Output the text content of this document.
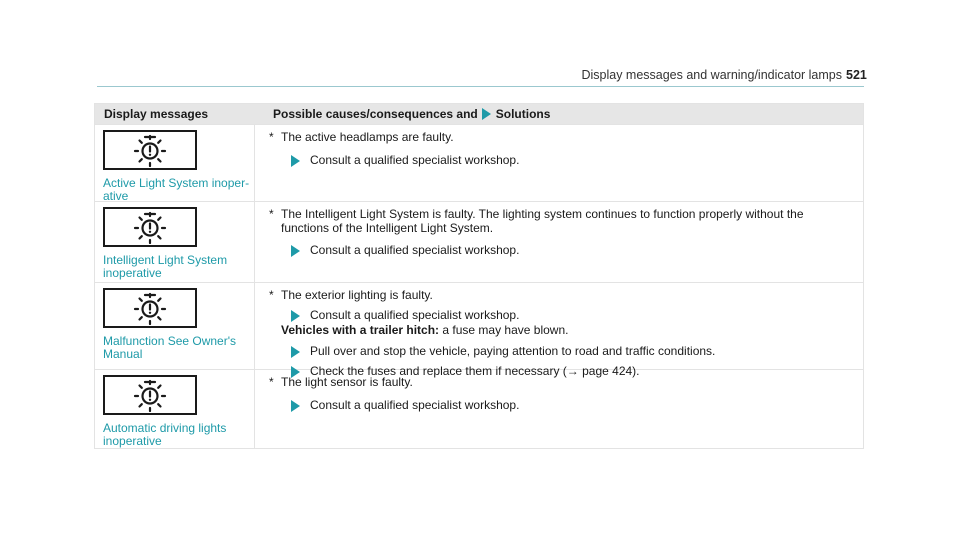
Display messages and warning/indicator lamps 521
Display messages	Possible causes/consequences and Solutions
Active Light System inoper-ative
* The active headlamps are faulty.
Consult a qualified specialist workshop.
Intelligent Light System inoperative
* The Intelligent Light System is faulty. The lighting system continues to function properly without the functions of the Intelligent Light System.
Consult a qualified specialist workshop.
Malfunction See Owner's Manual
* The exterior lighting is faulty.
Consult a qualified specialist workshop.
Vehicles with a trailer hitch: a fuse may have blown.
Pull over and stop the vehicle, paying attention to road and traffic conditions.
Check the fuses and replace them if necessary (→ page 424).
Automatic driving lights inoperative
* The light sensor is faulty.
Consult a qualified specialist workshop.
